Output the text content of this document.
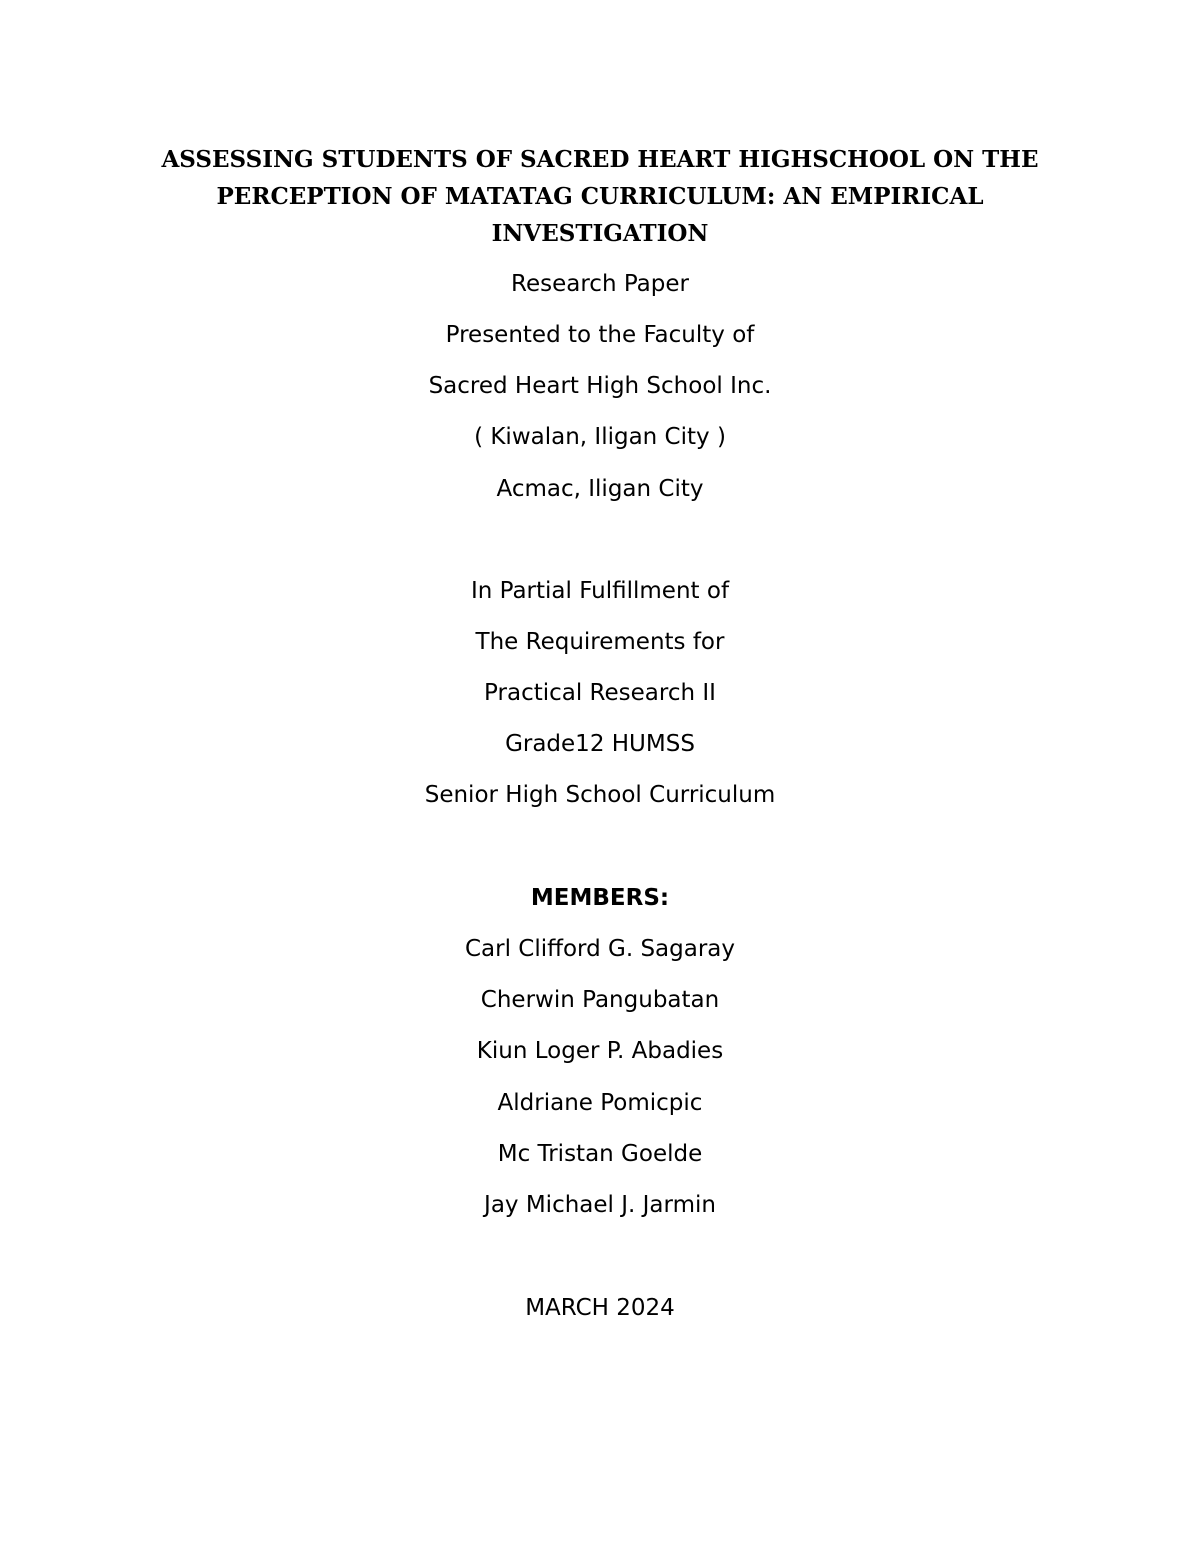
ASSESSING STUDENTS OF SACRED HEART HIGHSCHOOL ON THE
PERCEPTION OF MATATAG CURRICULUM: AN EMPIRICAL
INVESTIGATION
Research Paper
Presented to the Faculty of
Sacred Heart High School Inc.
( Kiwalan, Iligan City )
Acmac, Iligan City
In Partial Fulfillment of
The Requirements for
Practical Research II
Grade12 HUMSS
Senior High School Curriculum
MEMBERS:
Carl Clifford G. Sagaray
Cherwin Pangubatan
Kiun Loger P. Abadies
Aldriane Pomicpic
Mc Tristan Goelde
Jay Michael J. Jarmin
MARCH 2024
